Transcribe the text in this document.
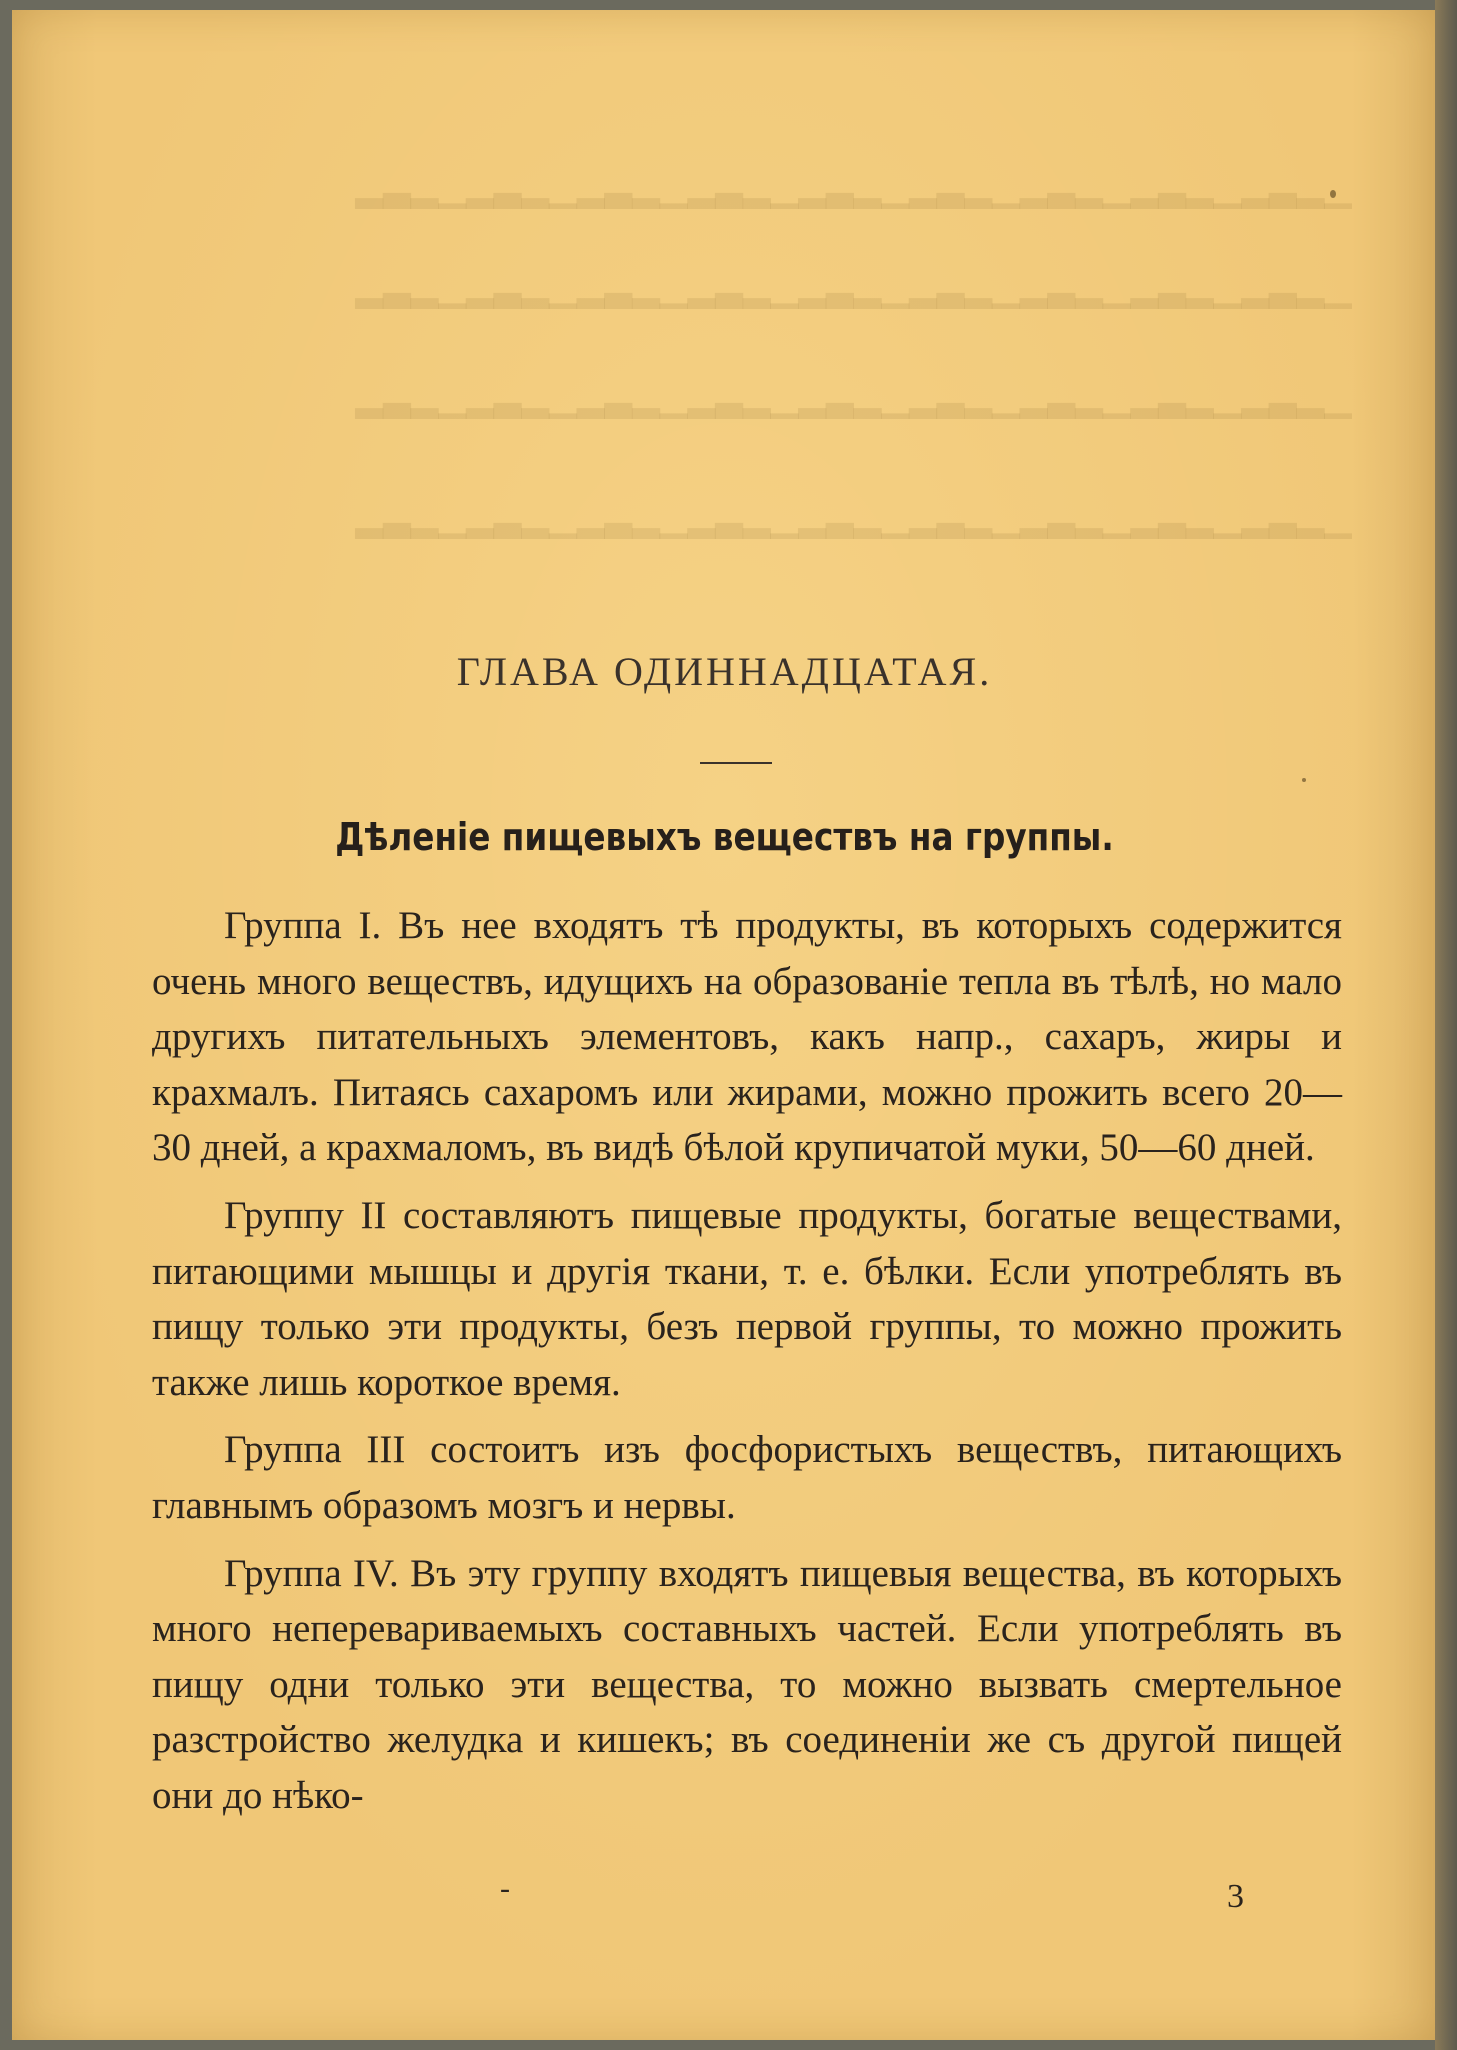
▁▂▃▂▁▂▃▂▁▂▃▂▁▂▃▂▁▂▃▂▁▂▃▂▁▂▃▂▁▂▃▂▁▂▃▂
▁▂▃▂▁▂▃▂▁▂▃▂▁▂▃▂▁▂▃▂▁▂▃▂▁▂▃▂▁▂▃▂▁▂▃▂
▁▂▃▂▁▂▃▂▁▂▃▂▁▂▃▂▁▂▃▂▁▂▃▂▁▂▃▂▁▂▃▂▁▂▃▂
▁▂▃▂▁▂▃▂▁▂▃▂▁▂▃▂▁▂▃▂▁▂▃▂▁▂▃▂▁▂▃▂▁▂▃▂
ГЛАВА ОДИННАДЦАТАЯ.
Дѣленіе пищевыхъ веществъ на группы.

Группа I. Въ нее входятъ тѣ продукты, въ которыхъ содержится очень много веществъ, идущихъ на образованіе тепла въ тѣлѣ, но мало другихъ питательныхъ элементовъ, какъ напр., сахаръ, жиры и крахмалъ. Питаясь сахаромъ или жирами, можно прожить всего 20—30 дней, а крахмаломъ, въ видѣ бѣлой крупичатой муки, 50—60 дней.

Группу II составляютъ пищевые продукты, богатые веществами, питающими мышцы и другія ткани, т. е. бѣлки. Если употреблять въ пищу только эти продукты, безъ первой группы, то можно прожить также лишь короткое время.

Группа III состоитъ изъ фосфористыхъ веществъ, питающихъ главнымъ образомъ мозгъ и нервы.

Группа IV. Въ эту группу входятъ пищевыя вещества, въ которыхъ много неперевариваемыхъ составныхъ частей. Если употреблять въ пищу одни только эти вещества, то можно вызвать смертельное разстройство желудка и кишекъ; въ соединеніи же съ другой пищей они до нѣко-

-	3
